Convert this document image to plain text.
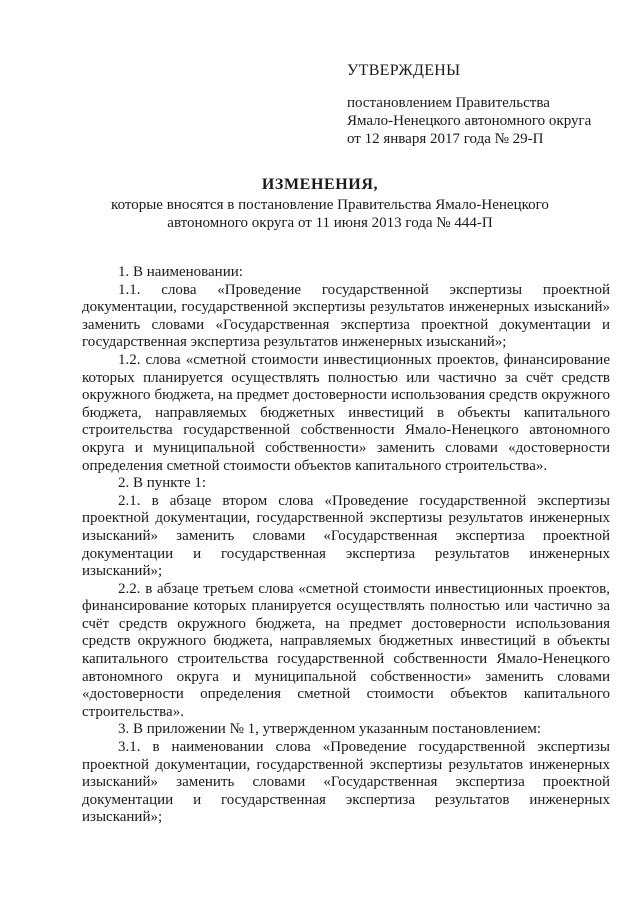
УТВЕРЖДЕНЫ
постановлением Правительства
Ямало-Ненецкого автономного округа
от 12 января 2017 года № 29-П
ИЗМЕНЕНИЯ,
которые вносятся в постановление Правительства Ямало-Ненецкого автономного округа от 11 июня 2013 года № 444-П

1. В наименовании:

1.1. слова «Проведение государственной экспертизы проектной документации, государственной экспертизы результатов инженерных изысканий» заменить словами «Государственная экспертиза проектной документации и государственная экспертиза результатов инженерных изысканий»;

1.2. слова «сметной стоимости инвестиционных проектов, финансирование которых планируется осуществлять полностью или частично за счёт средств окружного бюджета, на предмет достоверности использования средств окружного бюджета, направляемых бюджетных инвестиций в объекты капитального строительства государственной собственности Ямало-Ненецкого автономного округа и муниципальной собственности» заменить словами «достоверности определения сметной стоимости объектов капитального строительства».

2. В пункте 1:

2.1. в абзаце втором слова «Проведение государственной экспертизы проектной документации, государственной экспертизы результатов инженерных изысканий» заменить словами «Государственная экспертиза проектной документации и государственная экспертиза результатов инженерных изысканий»;

2.2. в абзаце третьем слова «сметной стоимости инвестиционных проектов, финансирование которых планируется осуществлять полностью или частично за счёт средств окружного бюджета, на предмет достоверности использования средств окружного бюджета, направляемых бюджетных инвестиций в объекты капитального строительства государственной собственности Ямало-Ненецкого автономного округа и муниципальной собственности» заменить словами «достоверности определения сметной стоимости объектов капитального строительства».

3. В приложении № 1, утвержденном указанным постановлением:

3.1. в наименовании слова «Проведение государственной экспертизы проектной документации, государственной экспертизы результатов инженерных изысканий» заменить словами «Государственная экспертиза проектной документации и государственная экспертиза результатов инженерных изысканий»;
